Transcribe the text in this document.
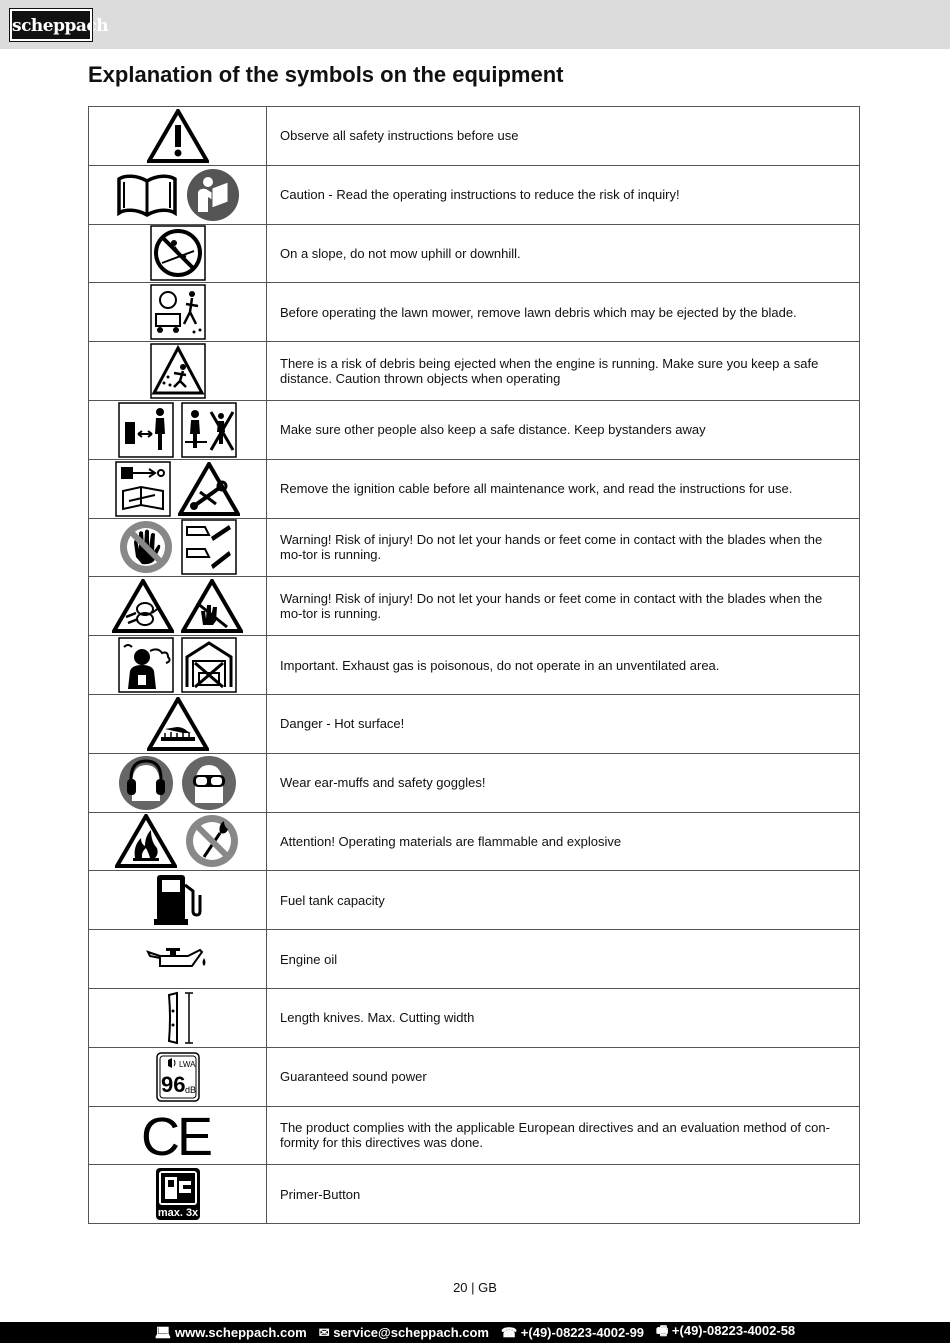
scheppach
Explanation of the symbols on the equipment
	Observe all safety instructions before use
	Caution - Read the operating instructions to reduce the risk of inquiry!
	On a slope, do not mow uphill or downhill.
	Before operating the lawn mower, remove lawn debris which may be ejected by the blade.
	There is a risk of debris being ejected when the engine is running. Make sure you keep a safe distance. Caution thrown objects when operating
	Make sure other people also keep a safe distance. Keep bystanders away
	Remove the ignition cable before all maintenance work, and read the instructions for use.
	Warning! Risk of injury! Do not let your hands or feet come in contact with the blades when the mo-tor is running.
	Warning! Risk of injury! Do not let your hands or feet come in contact with the blades when the mo-tor is running.
	Important. Exhaust gas is poisonous, do not operate in an unventilated area.
	Danger - Hot surface!
	Wear ear-muffs and safety goggles!
	Attention! Operating materials are flammable and explosive
	Fuel tank capacity
	Engine oil
	Length knives. Max. Cutting width

LWA
96 dB	Guaranteed sound power

CE	The product complies with the applicable European directives and an evaluation method of con-formity for this directives was done.

max. 3x	Primer-Button
20 | GB
💻︎ www.scheppach.com ✉ service@scheppach.com ☎ +(49)-08223-4002-99 🖷︎ +(49)-08223-4002-58
